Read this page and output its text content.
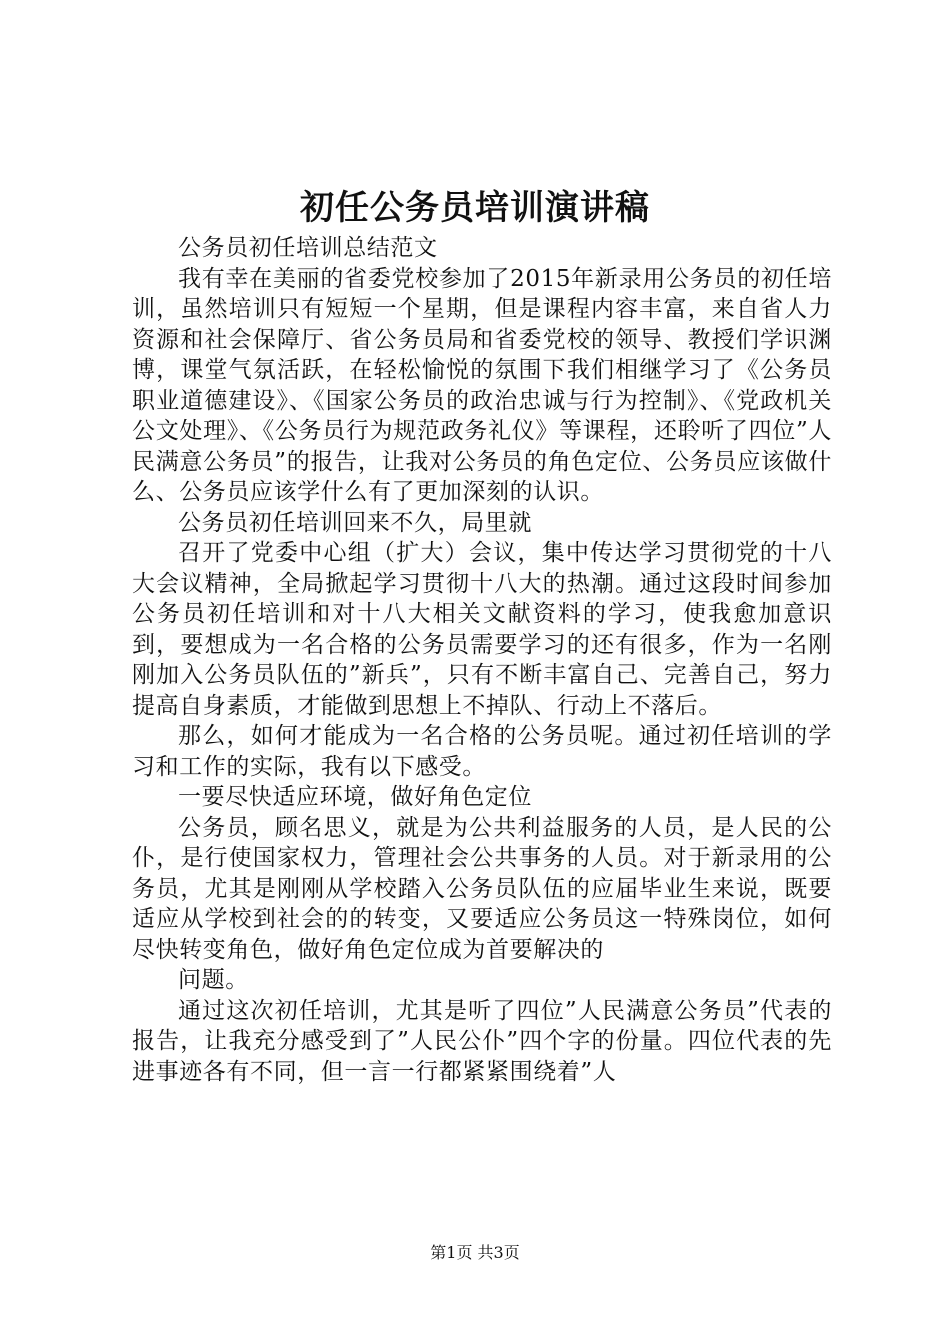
初任公务员培训演讲稿

公务员初任培训总结范文

我有幸在美丽的省委党校参加了2015年新录用公务员的初任培训，虽然培训只有短短一个星期，但是课程内容丰富，来自省人力资源和社会保障厅、省公务员局和省委党校的领导、教授们学识渊博，课堂气氛活跃，在轻松愉悦的氛围下我们相继学习了《公务员职业道德建设》、《国家公务员的政治忠诚与行为控制》、《党政机关公文处理》、《公务员行为规范政务礼仪》等课程，还聆听了四位”人民满意公务员”的报告，让我对公务员的角色定位、公务员应该做什么、公务员应该学什么有了更加深刻的认识。

公务员初任培训回来不久，局里就

召开了党委中心组（扩大）会议，集中传达学习贯彻党的十八大会议精神，全局掀起学习贯彻十八大的热潮。通过这段时间参加公务员初任培训和对十八大相关文献资料的学习，使我愈加意识到，要想成为一名合格的公务员需要学习的还有很多，作为一名刚刚加入公务员队伍的”新兵”，只有不断丰富自己、完善自己，努力提高自身素质，才能做到思想上不掉队、行动上不落后。

那么，如何才能成为一名合格的公务员呢。通过初任培训的学习和工作的实际，我有以下感受。

一要尽快适应环境，做好角色定位

公务员，顾名思义，就是为公共利益服务的人员，是人民的公仆，是行使国家权力，管理社会公共事务的人员。对于新录用的公务员，尤其是刚刚从学校踏入公务员队伍的应届毕业生来说，既要适应从学校到社会的的转变，又要适应公务员这一特殊岗位，如何尽快转变角色，做好角色定位成为首要解决的

问题。

通过这次初任培训，尤其是听了四位”人民满意公务员”代表的报告，让我充分感受到了”人民公仆”四个字的份量。四位代表的先进事迹各有不同，但一言一行都紧紧围绕着”人

第1页 共3页
